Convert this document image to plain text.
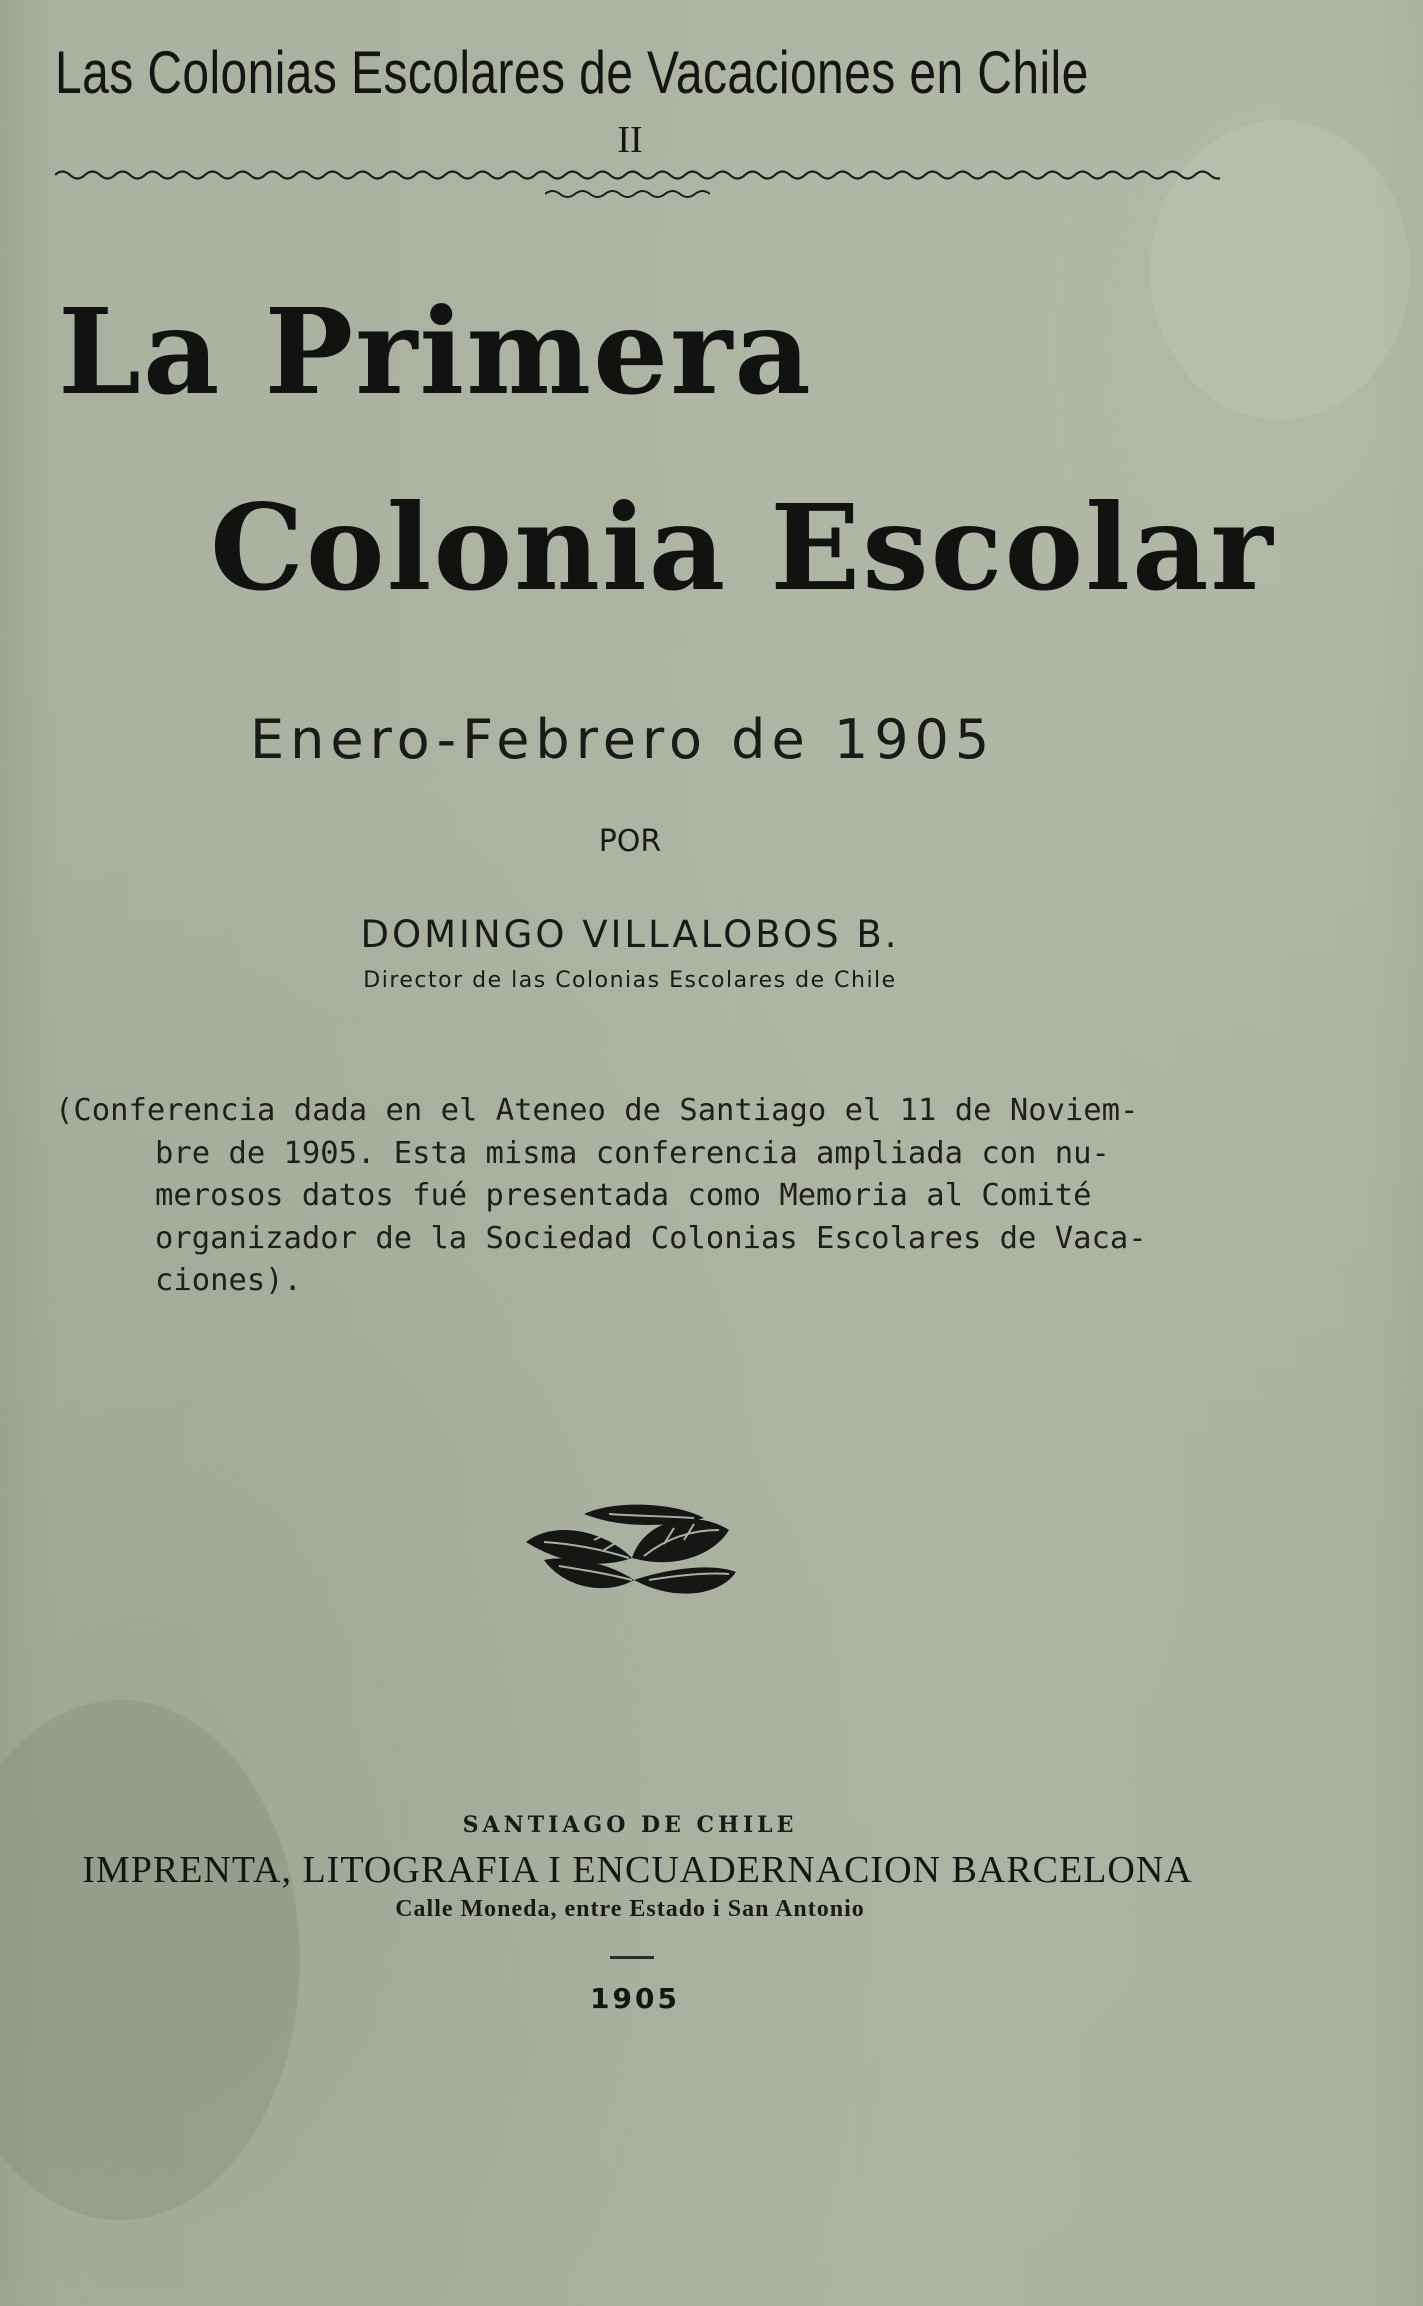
Las Colonias Escolares de Vacaciones en Chile
II
La Primera
Colonia Escolar
Enero-Febrero de 1905
POR
DOMINGO VILLALOBOS B.
Director de las Colonias Escolares de Chile
(Conferencia dada en el Ateneo de Santiago el 11 de Noviem-
bre de 1905. Esta misma conferencia ampliada con nu-
merosos datos fué presentada como Memoria al Comité
organizador de la Sociedad Colonias Escolares de Vaca-
ciones).
SANTIAGO DE CHILE
IMPRENTA, LITOGRAFIA I ENCUADERNACION BARCELONA
Calle Moneda, entre Estado i San Antonio
1905
